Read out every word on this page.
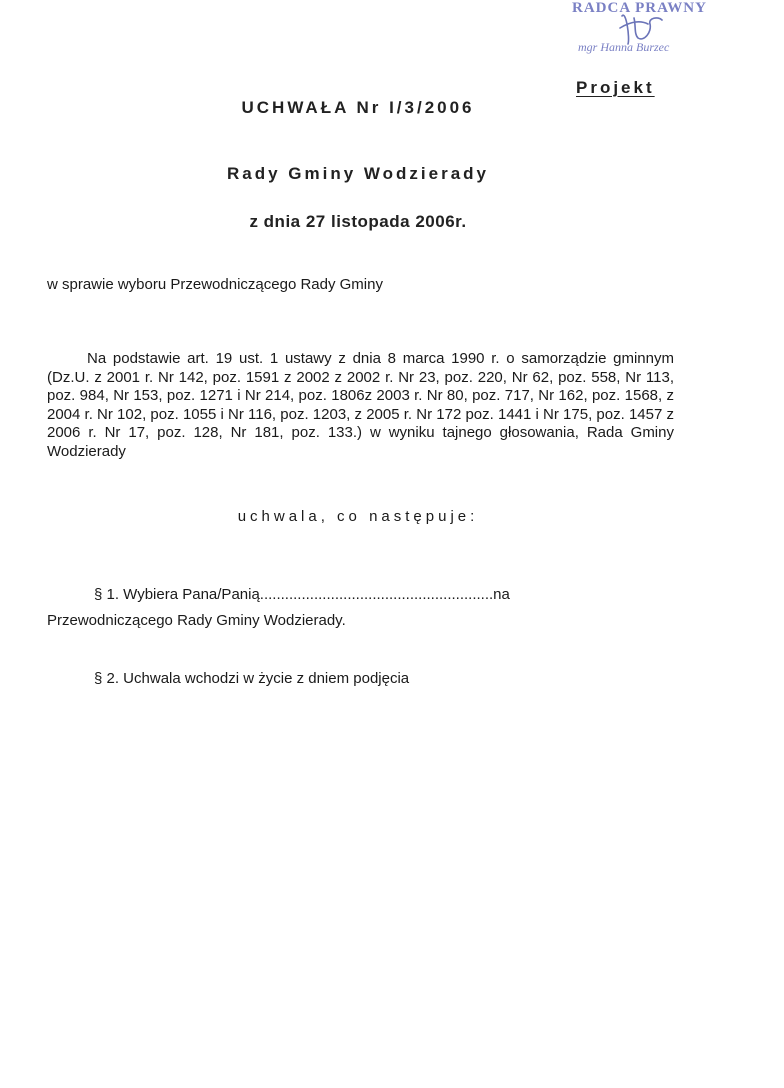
RADCA PRAWNY
mgr Hanna Burzec
Projekt
UCHWAŁA Nr I/3/2006
Rady Gminy Wodzierady
z dnia 27 listopada 2006r.
w sprawie wyboru Przewodniczącego Rady Gminy
Na podstawie art. 19 ust. 1 ustawy z dnia 8 marca 1990 r. o samorządzie gminnym (Dz.U. z 2001 r. Nr 142, poz. 1591 z 2002 z 2002 r. Nr 23, poz. 220, Nr 62, poz. 558, Nr 113, poz. 984, Nr 153, poz. 1271 i Nr 214, poz. 1806z 2003 r. Nr 80, poz. 717, Nr 162, poz. 1568, z 2004 r. Nr 102, poz. 1055 i Nr 116, poz. 1203, z 2005 r. Nr 172 poz. 1441 i Nr 175, poz. 1457 z 2006 r. Nr 17, poz. 128, Nr 181, poz. 133.) w wyniku tajnego głosowania, Rada Gminy Wodzierady
uchwala, co następuje:
§ 1. Wybiera Pana/Panią........................................................na
Przewodniczącego Rady Gminy Wodzierady.
§ 2. Uchwala wchodzi w życie z dniem podjęcia
